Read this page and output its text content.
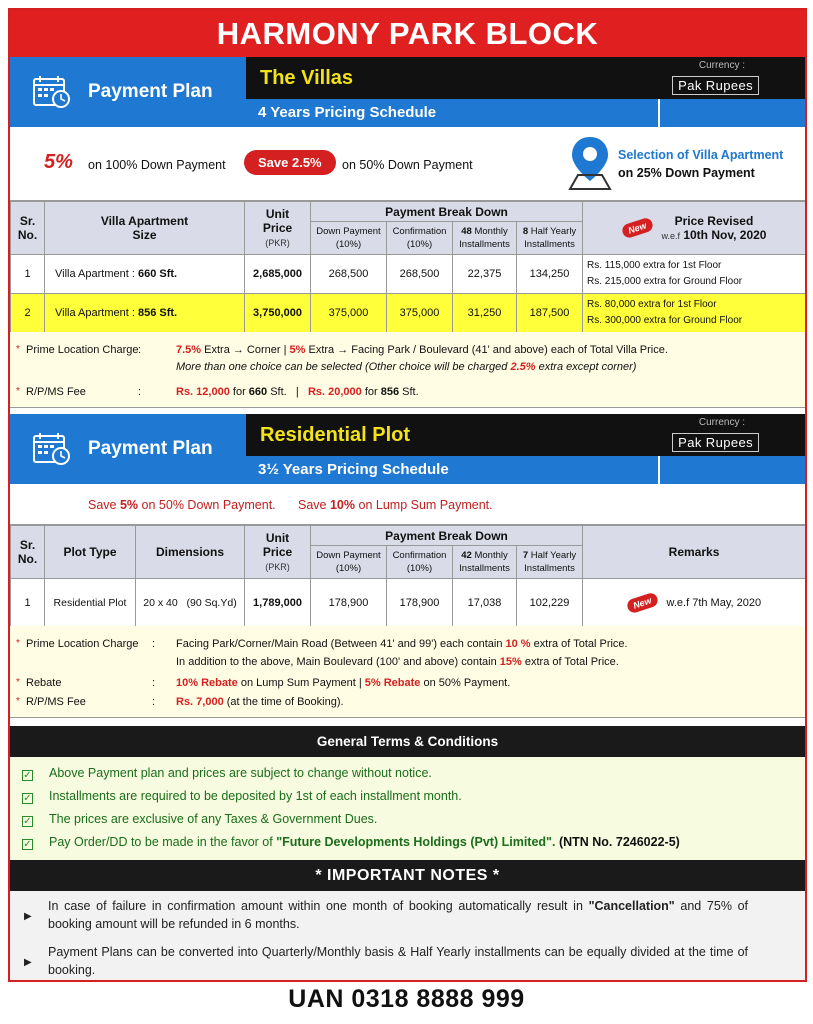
HARMONY PARK BLOCK
Payment Plan
The Villas
Currency :
Pak Rupees
4 Years Pricing Schedule
5% on 100% Down Payment	Save 2.5%	on 50% Down Payment
Selection of Villa Apartment
on 25% Down Payment
Sr.
No.	Villa Apartment
Size	Unit
Price
(PKR)	Payment Break Down				New Price Revised
w.e.f 10th Nov, 2020
			Down Payment
(10%)	Confirmation
(10%)	48 Monthly
Installments	8 Half Yearly
Installments	
1	Villa Apartment : 660 Sft.	2,685,000	268,500	268,500	22,375	134,250	Rs. 115,000 extra for 1st Floor
Rs. 215,000 extra for Ground Floor
2	Villa Apartment : 856 Sft.	3,750,000	375,000	375,000	31,250	187,500	Rs. 80,000 extra for 1st Floor
Rs. 300,000 extra for Ground Floor
* Prime Location Charge :	7.5% Extra → Corner | 5% Extra → Facing Park / Boulevard (41' and above) each of Total Villa Price.
More than one choice can be selected (Other choice will be charged 2.5% extra except corner)
* R/P/MS Fee	:	Rs. 12,000 for 660 Sft. | Rs. 20,000 for 856 Sft.
Payment Plan
Residential Plot
Currency :
Pak Rupees
3½ Years Pricing Schedule
Save 5% on 50% Down Payment. Save 10% on Lump Sum Payment.
Sr.
No.	Plot Type	Dimensions	Unit
Price
(PKR)	Payment Break Down				Remarks
				Down Payment
(10%)	Confirmation
(10%)	42 Monthly
Installments	7 Half Yearly
Installments	
1	Residential Plot	20 x 40 (90 Sq.Yd)	1,789,000	178,900	178,900	17,038	102,229	New w.e.f 7th May, 2020
* Prime Location Charge : Facing Park/Corner/Main Road (Between 41' and 99') each contain 10 % extra of Total Price.
In addition to the above, Main Boulevard (100' and above) contain 15% extra of Total Price.
* Rebate	: 10% Rebate on Lump Sum Payment | 5% Rebate on 50% Payment.
* R/P/MS Fee	: Rs. 7,000 (at the time of Booking).
General Terms & Conditions
✓ Above Payment plan and prices are subject to change without notice.
✓ Installments are required to be deposited by 1st of each installment month.
✓ The prices are exclusive of any Taxes & Government Dues.
✓ Pay Order/DD to be made in the favor of "Future Developments Holdings (Pvt) Limited". (NTN No. 7246022-5)
* IMPORTANT NOTES *
▶
In case of failure in confirmation amount within one month of booking automatically result in "Cancellation" and 75% of booking amount will be refunded in 6 months.
▶
Payment Plans can be converted into Quarterly/Monthly basis & Half Yearly installments can be equally divided at the time of booking.
UAN 0318 8888 999
